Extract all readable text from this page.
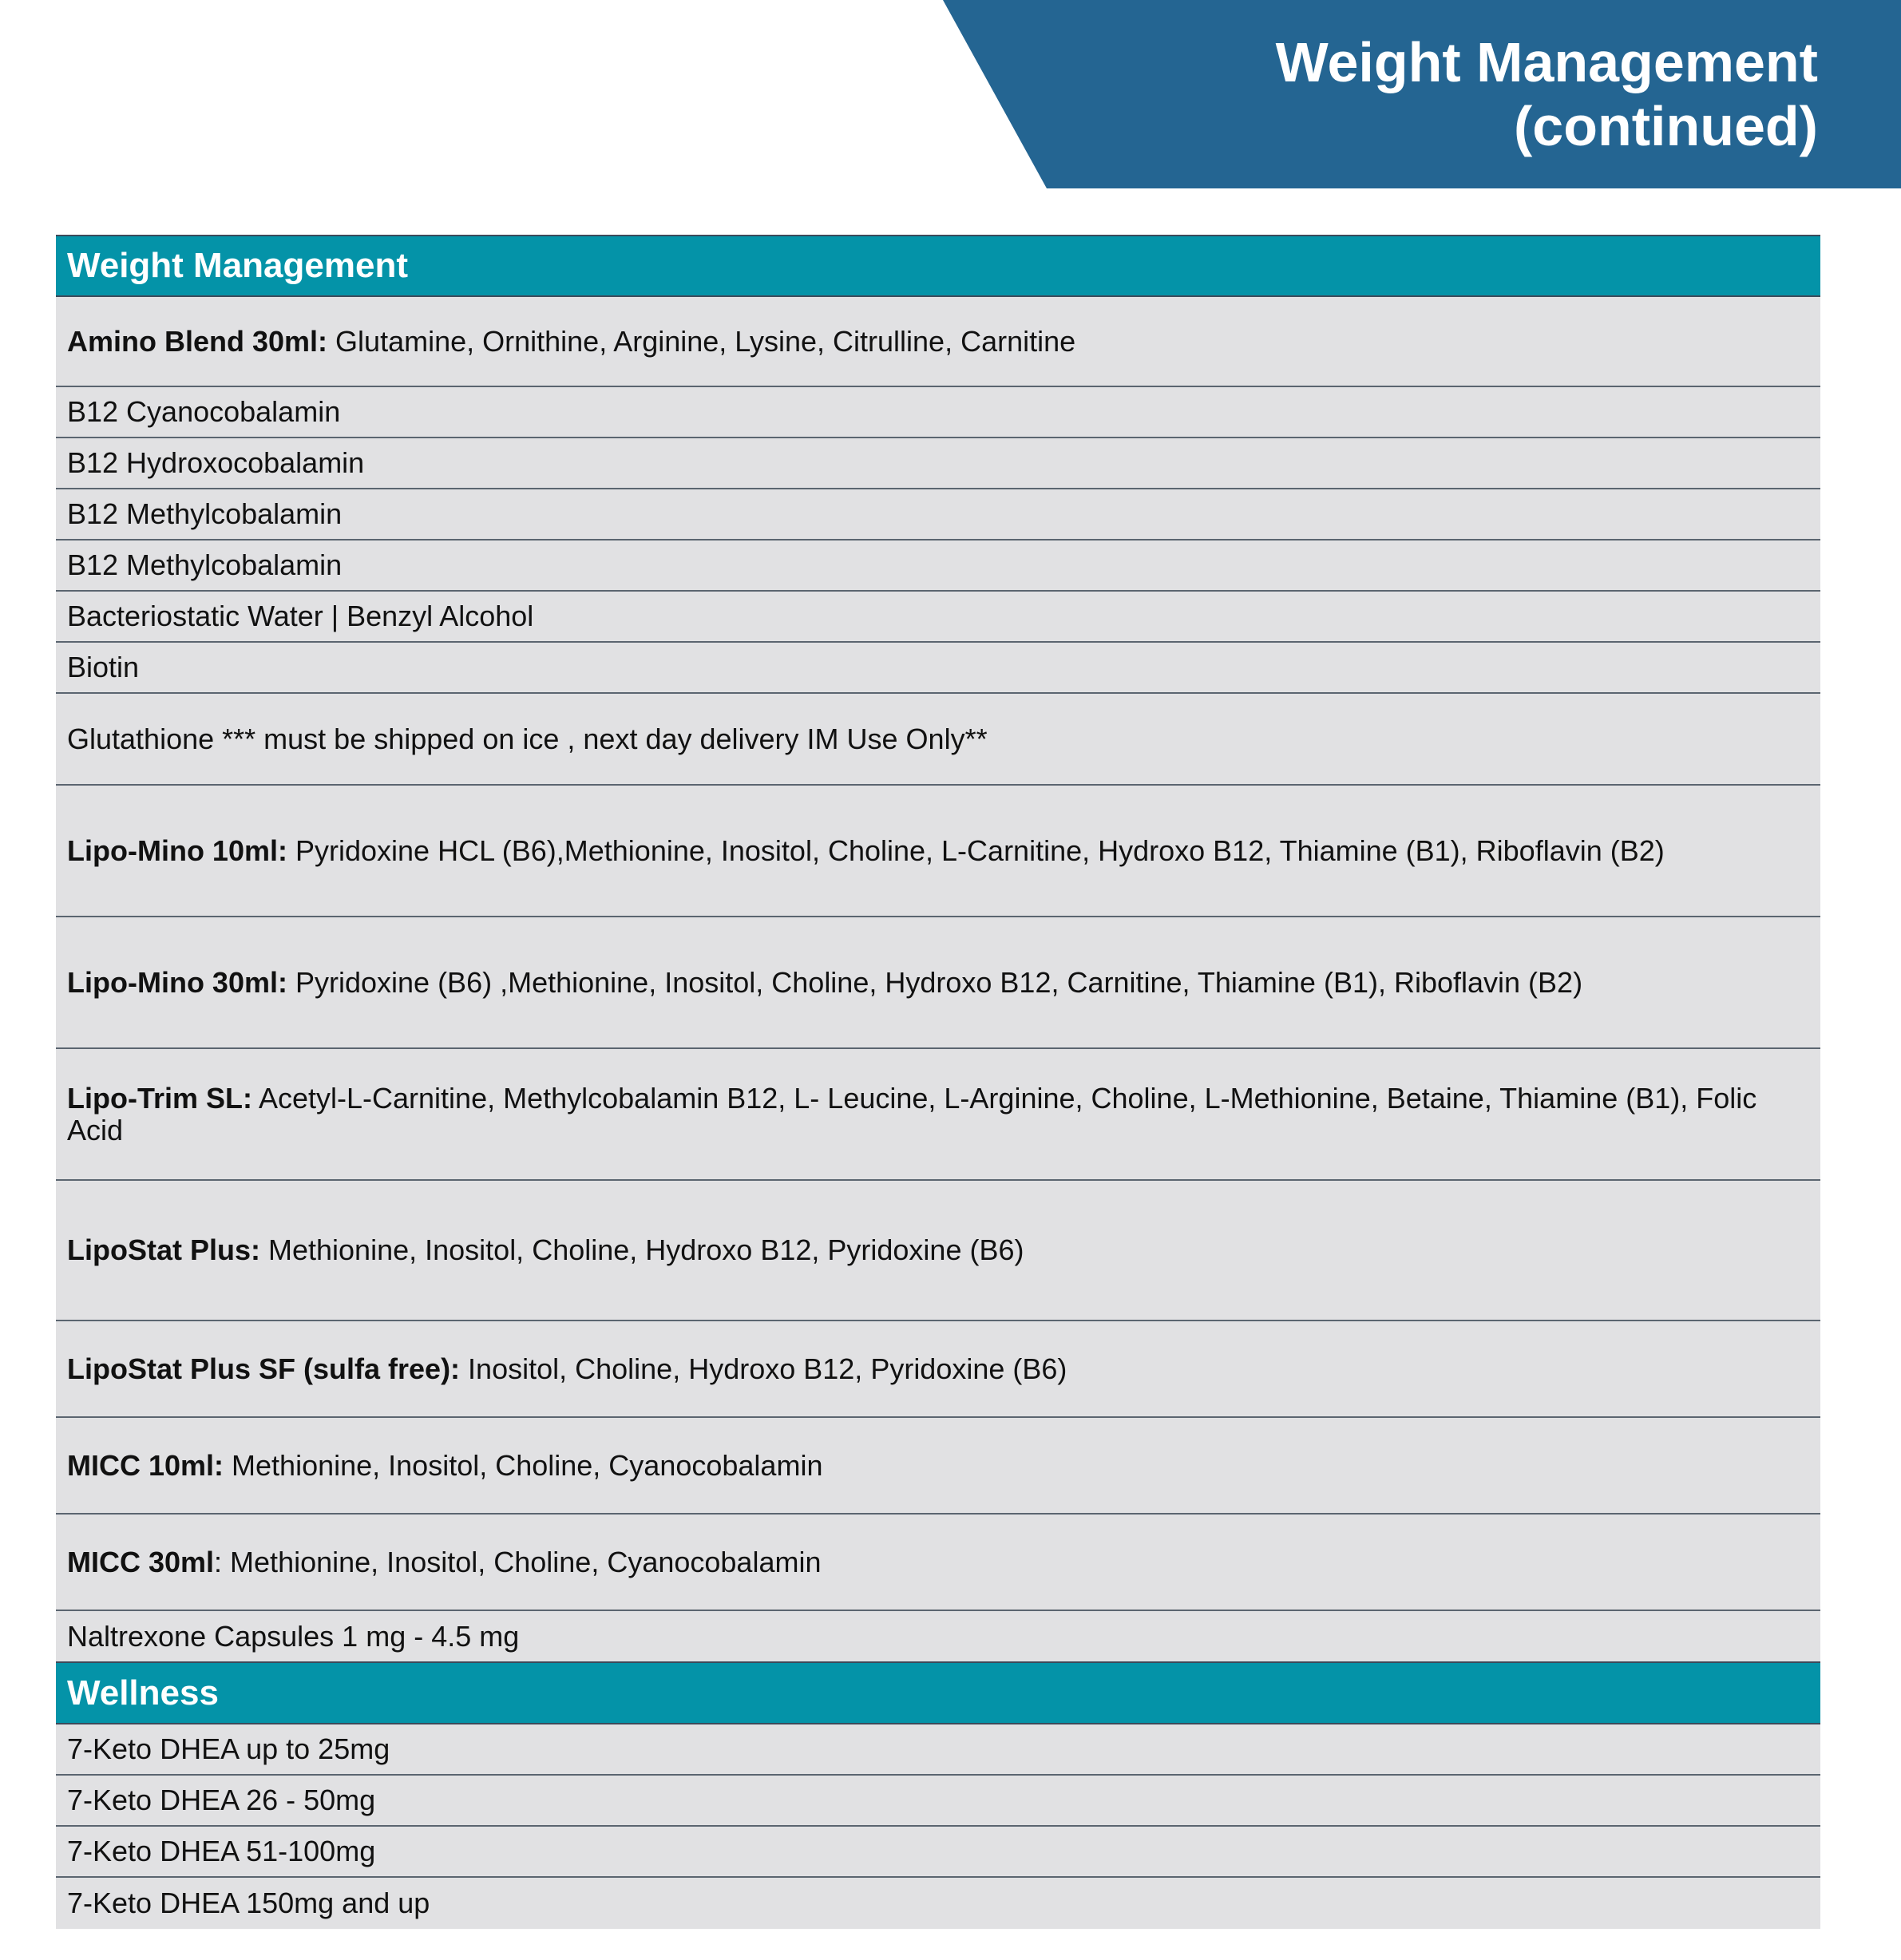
Weight Management
(continued)
Weight Management
Amino Blend 30ml: Glutamine, Ornithine, Arginine, Lysine, Citrulline, Carnitine
B12 Cyanocobalamin
B12 Hydroxocobalamin
B12 Methylcobalamin
B12 Methylcobalamin
Bacteriostatic Water | Benzyl Alcohol
Biotin
Glutathione *** must be shipped on ice , next day delivery IM Use Only**
Lipo-Mino 10ml: Pyridoxine HCL (B6),Methionine, Inositol, Choline, L-Carnitine, Hydroxo B12, Thiamine (B1), Riboflavin (B2)
Lipo-Mino 30ml: Pyridoxine (B6) ,Methionine, Inositol, Choline, Hydroxo B12, Carnitine, Thiamine (B1), Riboflavin (B2)
Lipo-Trim SL: Acetyl-L-Carnitine, Methylcobalamin B12, L- Leucine, L-Arginine, Choline, L-Methionine, Betaine, Thiamine (B1), Folic Acid
LipoStat Plus: Methionine, Inositol, Choline, Hydroxo B12, Pyridoxine (B6)
LipoStat Plus SF (sulfa free): Inositol, Choline, Hydroxo B12, Pyridoxine (B6)
MICC 10ml: Methionine, Inositol, Choline, Cyanocobalamin
MICC 30ml: Methionine, Inositol, Choline, Cyanocobalamin
Naltrexone Capsules 1 mg - 4.5 mg
Wellness
7-Keto DHEA up to 25mg
7-Keto DHEA 26 - 50mg
7-Keto DHEA 51-100mg
7-Keto DHEA 150mg and up
